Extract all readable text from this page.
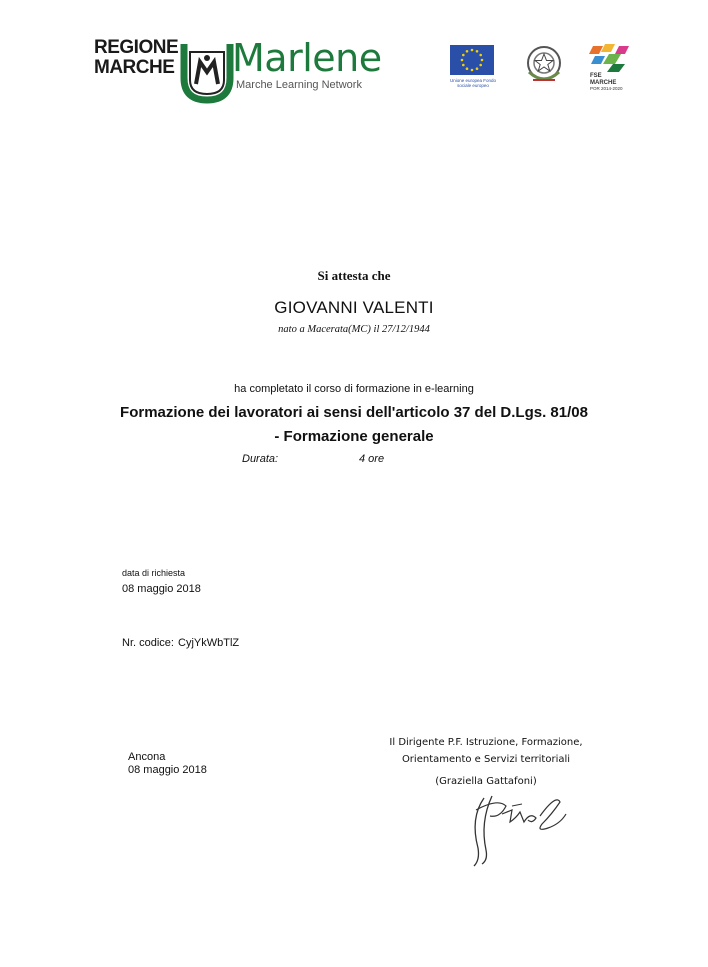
REGIONE
MARCHE Marlene
Marche Learning Network	Unione europea Fondo sociale europeo
FSE
MARCHE
POR 2014-2020
Si attesta che
GIOVANNI VALENTI
nato a Macerata(MC) il 27/12/1944
ha completato il corso di formazione in e-learning
Formazione dei lavoratori ai sensi dell'articolo 37 del D.Lgs. 81/08
- Formazione generale
Durata:	4 ore
data di richiesta
08 maggio 2018
Nr. codice: CyjYkWbTlZ
Ancona
08 maggio 2018
Il Dirigente P.F. Istruzione, Formazione,
Orientamento e Servizi territoriali
(Graziella Gattafoni)
